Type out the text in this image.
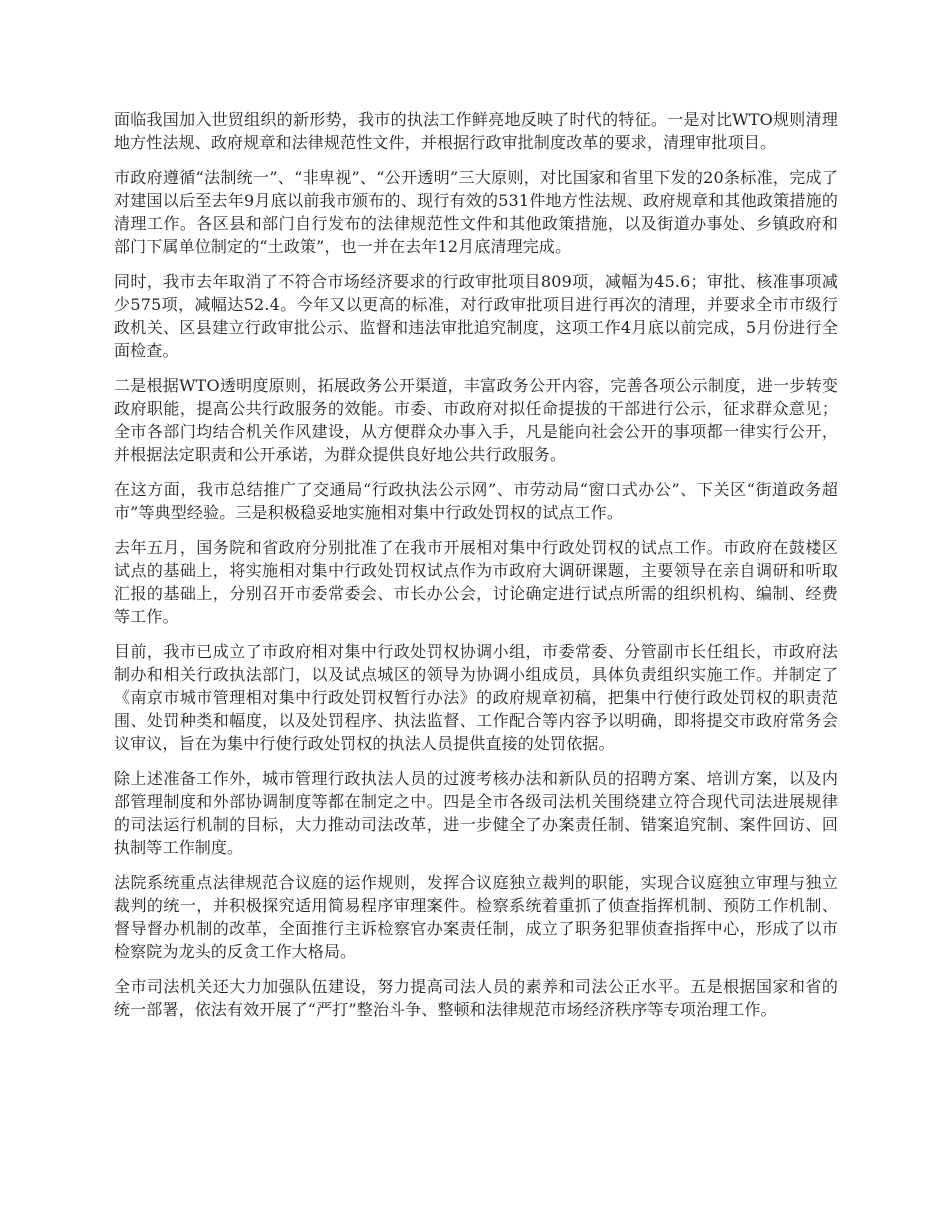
面临我国加入世贸组织的新形势，我市的执法工作鲜亮地反映了时代的特征。一是对比WTO规则清理地方性法规、政府规章和法律规范性文件，并根据行政审批制度改革的要求，清理审批项目。

市政府遵循“法制统一”、“非卑视”、“公开透明”三大原则，对比国家和省里下发的20条标准，完成了对建国以后至去年9月底以前我市颁布的、现行有效的531件地方性法规、政府规章和其他政策措施的清理工作。各区县和部门自行发布的法律规范性文件和其他政策措施，以及街道办事处、乡镇政府和部门下属单位制定的“土政策”，也一并在去年12月底清理完成。

同时，我市去年取消了不符合市场经济要求的行政审批项目809项，减幅为45.6；审批、核准事项减少575项，减幅达52.4。今年又以更高的标准，对行政审批项目进行再次的清理，并要求全市市级行政机关、区县建立行政审批公示、监督和违法审批追究制度，这项工作4月底以前完成，5月份进行全面检查。

二是根据WTO透明度原则，拓展政务公开渠道，丰富政务公开内容，完善各项公示制度，进一步转变政府职能，提高公共行政服务的效能。市委、市政府对拟任命提拔的干部进行公示，征求群众意见；全市各部门均结合机关作风建设，从方便群众办事入手，凡是能向社会公开的事项都一律实行公开，并根据法定职责和公开承诺，为群众提供良好地公共行政服务。

在这方面，我市总结推广了交通局“行政执法公示网”、市劳动局“窗口式办公”、下关区“街道政务超市”等典型经验。三是积极稳妥地实施相对集中行政处罚权的试点工作。

去年五月，国务院和省政府分别批准了在我市开展相对集中行政处罚权的试点工作。市政府在鼓楼区试点的基础上，将实施相对集中行政处罚权试点作为市政府大调研课题，主要领导在亲自调研和听取汇报的基础上，分别召开市委常委会、市长办公会，讨论确定进行试点所需的组织机构、编制、经费等工作。

目前，我市已成立了市政府相对集中行政处罚权协调小组，市委常委、分管副市长任组长，市政府法制办和相关行政执法部门，以及试点城区的领导为协调小组成员，具体负责组织实施工作。并制定了《南京市城市管理相对集中行政处罚权暂行办法》的政府规章初稿，把集中行使行政处罚权的职责范围、处罚种类和幅度，以及处罚程序、执法监督、工作配合等内容予以明确，即将提交市政府常务会议审议，旨在为集中行使行政处罚权的执法人员提供直接的处罚依据。

除上述准备工作外，城市管理行政执法人员的过渡考核办法和新队员的招聘方案、培训方案，以及内部管理制度和外部协调制度等都在制定之中。四是全市各级司法机关围绕建立符合现代司法进展规律的司法运行机制的目标，大力推动司法改革，进一步健全了办案责任制、错案追究制、案件回访、回执制等工作制度。

法院系统重点法律规范合议庭的运作规则，发挥合议庭独立裁判的职能，实现合议庭独立审理与独立裁判的统一，并积极探究适用简易程序审理案件。检察系统着重抓了侦查指挥机制、预防工作机制、督导督办机制的改革，全面推行主诉检察官办案责任制，成立了职务犯罪侦查指挥中心，形成了以市检察院为龙头的反贪工作大格局。

全市司法机关还大力加强队伍建设，努力提高司法人员的素养和司法公正水平。五是根据国家和省的统一部署，依法有效开展了“严打”整治斗争、整顿和法律规范市场经济秩序等专项治理工作。
